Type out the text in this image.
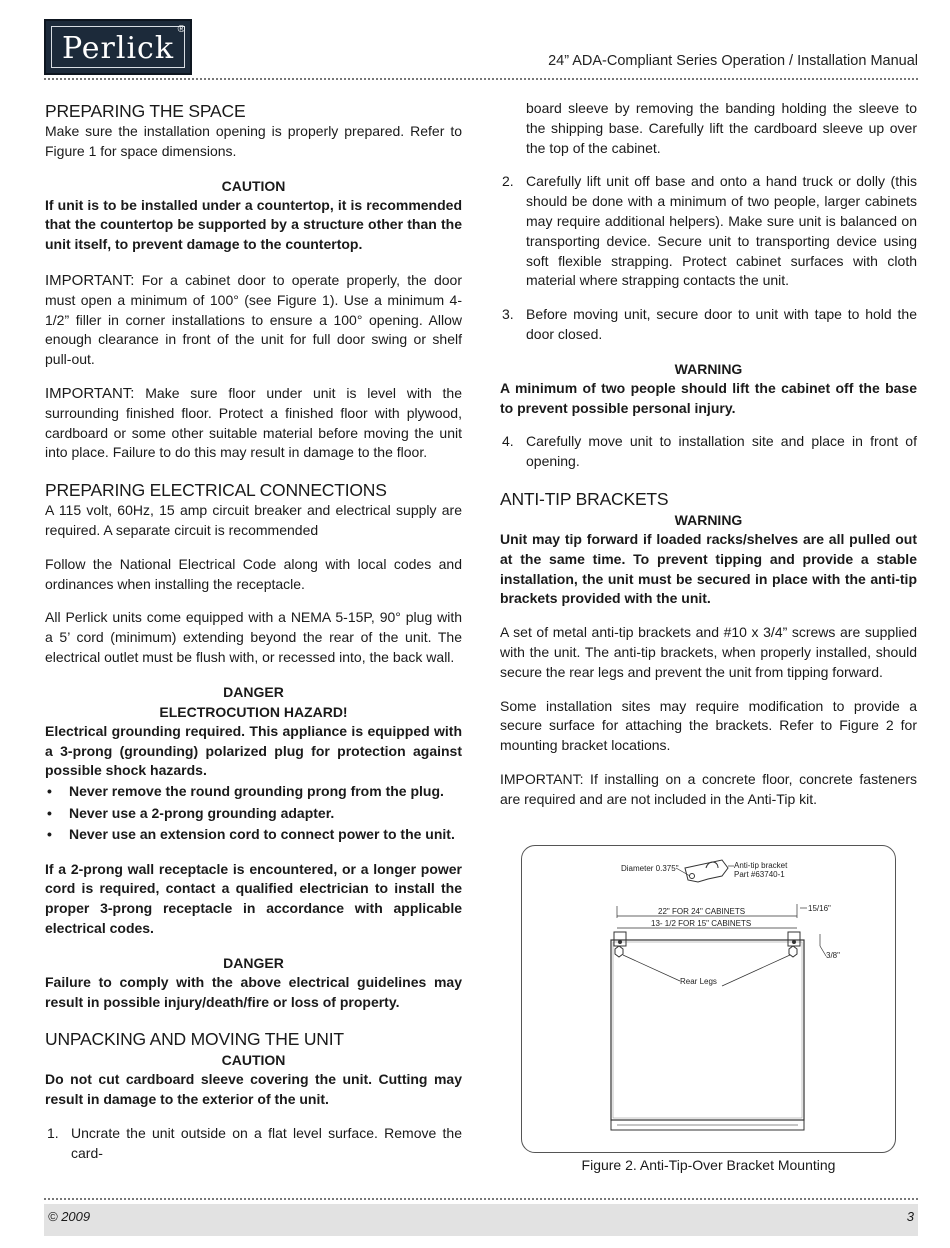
Perlick
®
24” ADA-Compliant Series Operation / Installation Manual
PREPARING THE SPACE

Make sure the installation opening is properly prepared. Refer to Figure 1 for space dimensions.

CAUTION

If unit is to be installed under a countertop, it is recommended that the countertop be supported by a structure other than the unit itself, to prevent damage to the countertop.

IMPORTANT: For a cabinet door to operate properly, the door must open a minimum of 100° (see Figure 1). Use a minimum 4-1/2” filler in corner installations to ensure a 100° opening. Allow enough clearance in front of the unit for full door swing or shelf pull-out.

IMPORTANT: Make sure floor under unit is level with the surrounding finished floor. Protect a finished floor with plywood, cardboard or some other suitable material before moving the unit into place. Failure to do this may result in damage to the floor.

PREPARING ELECTRICAL CONNECTIONS

A 115 volt, 60Hz, 15 amp circuit breaker and electrical supply are required. A separate circuit is recommended

Follow the National Electrical Code along with local codes and ordinances when installing the receptacle.

All Perlick units come equipped with a NEMA 5-15P, 90° plug with a 5’ cord (minimum) extending beyond the rear of the unit. The electrical outlet must be flush with, or recessed into, the back wall.

DANGER

ELECTROCUTION HAZARD!

Electrical grounding required. This appliance is equipped with a 3-prong (grounding) polarized plug for protection against possible shock hazards.

• Never remove the round grounding prong from the plug.
• Never use a 2-prong grounding adapter.
• Never use an extension cord to connect power to the unit.

If a 2-prong wall receptacle is encountered, or a longer power cord is required, contact a qualified electrician to install the proper 3-prong receptacle in accordance with applicable electrical codes.

DANGER

Failure to comply with the above electrical guidelines may result in possible injury/death/fire or loss of property.

UNPACKING AND MOVING THE UNIT

CAUTION

Do not cut cardboard sleeve covering the unit. Cutting may result in damage to the exterior of the unit.

1. Uncrate the unit outside on a flat level surface. Remove the card-

board sleeve by removing the banding holding the sleeve to the shipping base. Carefully lift the cardboard sleeve up over the top of the cabinet.

2. Carefully lift unit off base and onto a hand truck or dolly (this should be done with a minimum of two people, larger cabinets may require additional helpers). Make sure unit is balanced on transporting device. Secure unit to transporting device using soft flexible strapping. Protect cabinet surfaces with cloth material where strapping contacts the unit.

3. Before moving unit, secure door to unit with tape to hold the door closed.

WARNING

A minimum of two people should lift the cabinet off the base to prevent possible personal injury.

4. Carefully move unit to installation site and place in front of opening.

ANTI-TIP BRACKETS

WARNING

Unit may tip forward if loaded racks/shelves are all pulled out at the same time. To prevent tipping and provide a stable installation, the unit must be secured in place with the anti-tip brackets provided with the unit.

A set of metal anti-tip brackets and #10 x 3/4” screws are supplied with the unit. The anti-tip brackets, when properly installed, should secure the rear legs and prevent the unit from tipping forward.

Some installation sites may require modification to provide a secure surface for attaching the brackets. Refer to Figure 2 for mounting bracket locations.

IMPORTANT: If installing on a concrete floor, concrete fasteners are required and are not included in the Anti-Tip kit.

Diameter 0.375"	Anti-tip bracket
Part #63740-1
22" FOR 24" CABINETS
13- 1/2 FOR 15" CABINETS
15/16"
3/8"
Rear Legs
Figure 2. Anti-Tip-Over Bracket Mounting
© 2009	3
